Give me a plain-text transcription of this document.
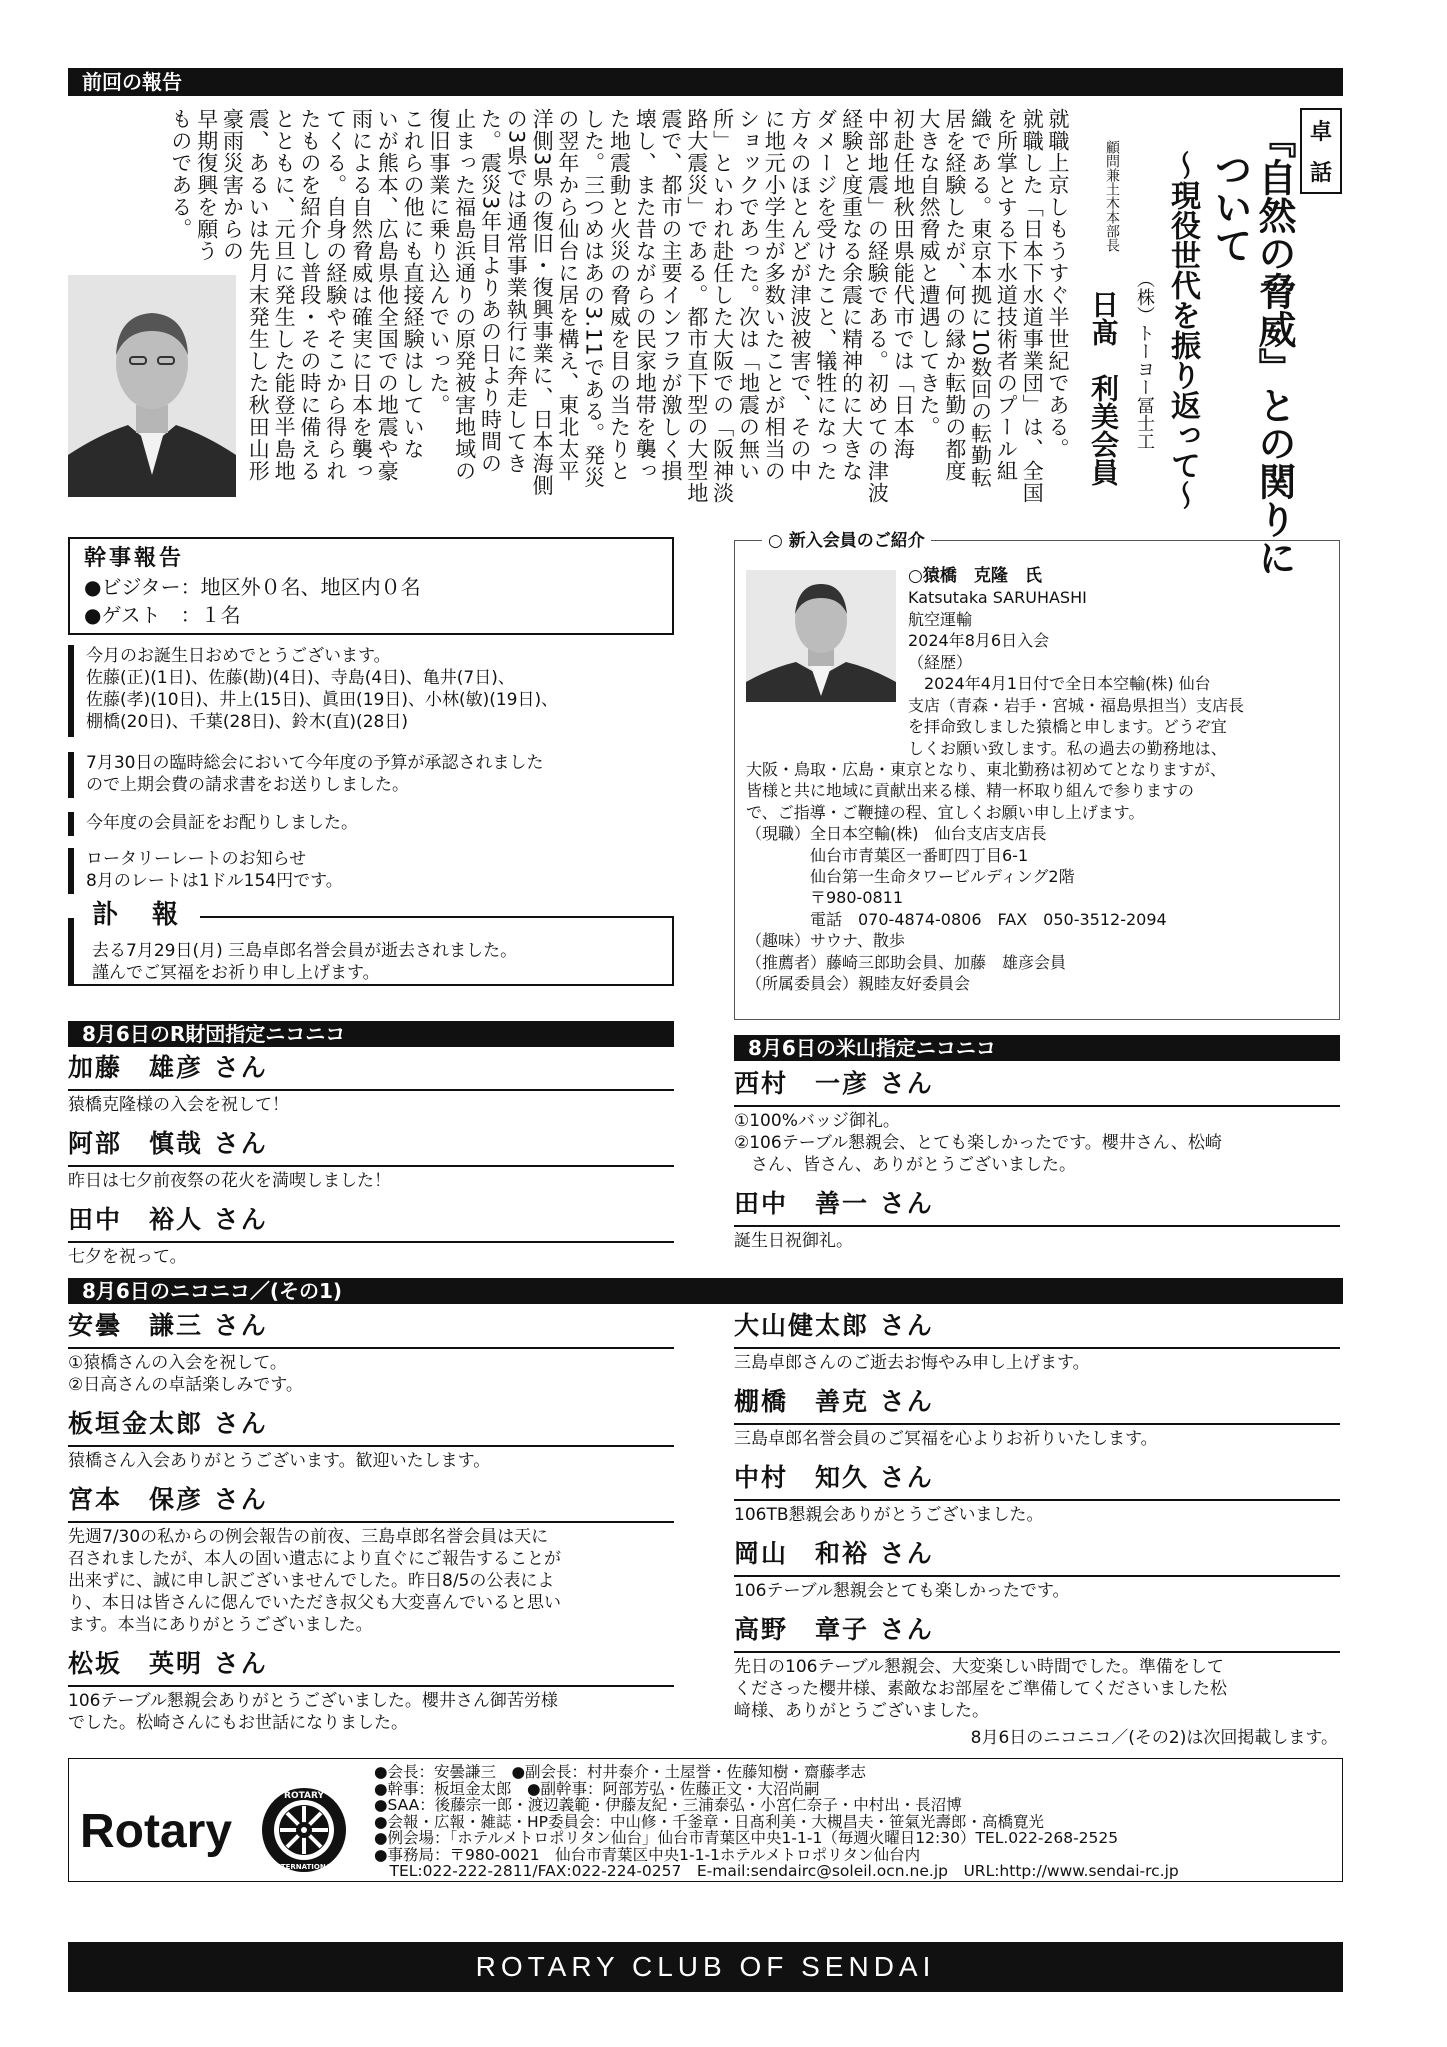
前回の報告
卓
話
『自然の脅威』との関りに
ついて
～現役世代を振り返って～
（株）トーヨー冨士工
顧問兼土木本部長
日髙　利美会員
就職上京しもうすぐ半世紀である。
就職した「日本下水道事業団」は、全国
を所掌とする下水道技術者のプール組
織である。東京本拠に10数回の転勤転
居を経験したが、何の縁か転勤の都度
大きな自然脅威と遭遇してきた。
初赴任地秋田県能代市では「日本海
中部地震」の経験である。初めての津波
経験と度重なる余震に精神的に大きな
ダメージを受けたこと、犠牲になった
方々のほとんどが津波被害で、その中
に地元小学生が多数いたことが相当の
ショックであった。次は「地震の無い
所」といわれ赴任した大阪での「阪神淡
路大震災」である。都市直下型の大型地
震で、都市の主要インフラが激しく損
壊し、また昔ながらの民家地帯を襲っ
た地震動と火災の脅威を目の当たりと
した。三つめはあの3.11である。発災
の翌年から仙台に居を構え、東北太平
洋側3県の復旧・復興事業に、日本海側
の3県では通常事業執行に奔走してき
た。震災3年目よりあの日より時間の
止まった福島浜通りの原発被害地域の
復旧事業に乗り込んでいった。
これらの他にも直接経験はしていな
いが熊本、広島県他全国での地震や豪
雨による自然脅威は確実に日本を襲っ
てくる。自身の経験やそこから得られ
たものを紹介し普段・その時に備える
とともに、元旦に発生した能登半島地
震、あるいは先月末発生した秋田山形
豪雨災害からの
早期復興を願う
ものである。
幹事報告
●ビジター：地区外０名、地区内０名
●ゲスト　：１名
今月のお誕生日おめでとうございます。
佐藤(正)(1日)、佐藤(勘)(4日)、寺島(4日)、亀井(7日)、
佐藤(孝)(10日)、井上(15日)、眞田(19日)、小林(敏)(19日)、
棚橋(20日)、千葉(28日)、鈴木(直)(28日)
7月30日の臨時総会において今年度の予算が承認されました
ので上期会費の請求書をお送りしました。
今年度の会員証をお配りしました。
ロータリーレートのお知らせ
8月のレートは1ドル154円です。
訃　報
去る7月29日(月) 三島卓郎名誉会員が逝去されました。
謹んでご冥福をお祈り申し上げます。
○ 新入会員のご紹介
○猿橋　克隆　氏
Katsutaka SARUHASHI
航空運輸
2024年8月6日入会
（経歴）
　2024年4月1日付で全日本空輸(株) 仙台
支店（青森・岩手・宮城・福島県担当）支店長
を拝命致しました猿橋と申します。どうぞ宜
しくお願い致します。私の過去の勤務地は、
大阪・鳥取・広島・東京となり、東北勤務は初めてとなりますが、
皆様と共に地域に貢献出来る様、精一杯取り組んで参りますの
で、ご指導・ご鞭撻の程、宜しくお願い申し上げます。
（現職）全日本空輸(株)　仙台支店支店長
　　　　仙台市青葉区一番町四丁目6-1
　　　　仙台第一生命タワービルディング2階
　　　　〒980-0811
　　　　電話　070-4874-0806　FAX　050-3512-2094
（趣味）サウナ、散歩
（推薦者）藤崎三郎助会員、加藤　雄彦会員
（所属委員会）親睦友好委員会
8月6日のR財団指定ニコニコ
加藤　雄彦 さん
猿橋克隆様の入会を祝して！
阿部　慎哉 さん
昨日は七夕前夜祭の花火を満喫しました！
田中　裕人 さん
七夕を祝って。
8月6日の米山指定ニコニコ
西村　一彦 さん
①100%バッジ御礼。
②106テーブル懇親会、とても楽しかったです。櫻井さん、松崎
　さん、皆さん、ありがとうございました。
田中　善一 さん
誕生日祝御礼。
8月6日のニコニコ／(その1)
安曇　謙三 さん
①猿橋さんの入会を祝して。
②日高さんの卓話楽しみです。
板垣金太郎 さん
猿橋さん入会ありがとうございます。歓迎いたします。
宮本　保彦 さん
先週7/30の私からの例会報告の前夜、三島卓郎名誉会員は天に
召されましたが、本人の固い遺志により直ぐにご報告することが
出来ずに、誠に申し訳ございませんでした。昨日8/5の公表によ
り、本日は皆さんに偲んでいただき叔父も大変喜んでいると思い
ます。本当にありがとうございました。
松坂　英明 さん
106テーブル懇親会ありがとうございました。櫻井さん御苦労様
でした。松崎さんにもお世話になりました。
大山健太郎 さん
三島卓郎さんのご逝去お悔やみ申し上げます。
棚橋　善克 さん
三島卓郎名誉会員のご冥福を心よりお祈りいたします。
中村　知久 さん
106TB懇親会ありがとうございました。
岡山　和裕 さん
106テーブル懇親会とても楽しかったです。
高野　章子 さん
先日の106テーブル懇親会、大変楽しい時間でした。準備をして
くださった櫻井様、素敵なお部屋をご準備してくださいました松
﨑様、ありがとうございました。
8月6日のニコニコ／(その2)は次回掲載します。
Rotary
ROTARY
INTERNATIONAL
●会長：安曇謙三　●副会長：村井泰介・土屋誉・佐藤知樹・齋藤孝志
●幹事：板垣金太郎　●副幹事：阿部芳弘・佐藤正文・大沼尚嗣
●SAA：後藤宗一郎・渡辺義範・伊藤友紀・三浦泰弘・小宮仁奈子・中村出・長沼博
●会報・広報・雑誌・HP委員会：中山修・千釜章・日髙利美・大槻昌夫・笹氣光壽郎・高橋寛光
●例会場：「ホテルメトロポリタン仙台」仙台市青葉区中央1-1-1（毎週火曜日12:30）TEL.022-268-2525
●事務局：〒980-0021　仙台市青葉区中央1-1-1ホテルメトロポリタン仙台内
　TEL:022-222-2811/FAX:022-224-0257　E-mail:sendairc@soleil.ocn.ne.jp　URL:http://www.sendai-rc.jp
ROTARY CLUB OF SENDAI
